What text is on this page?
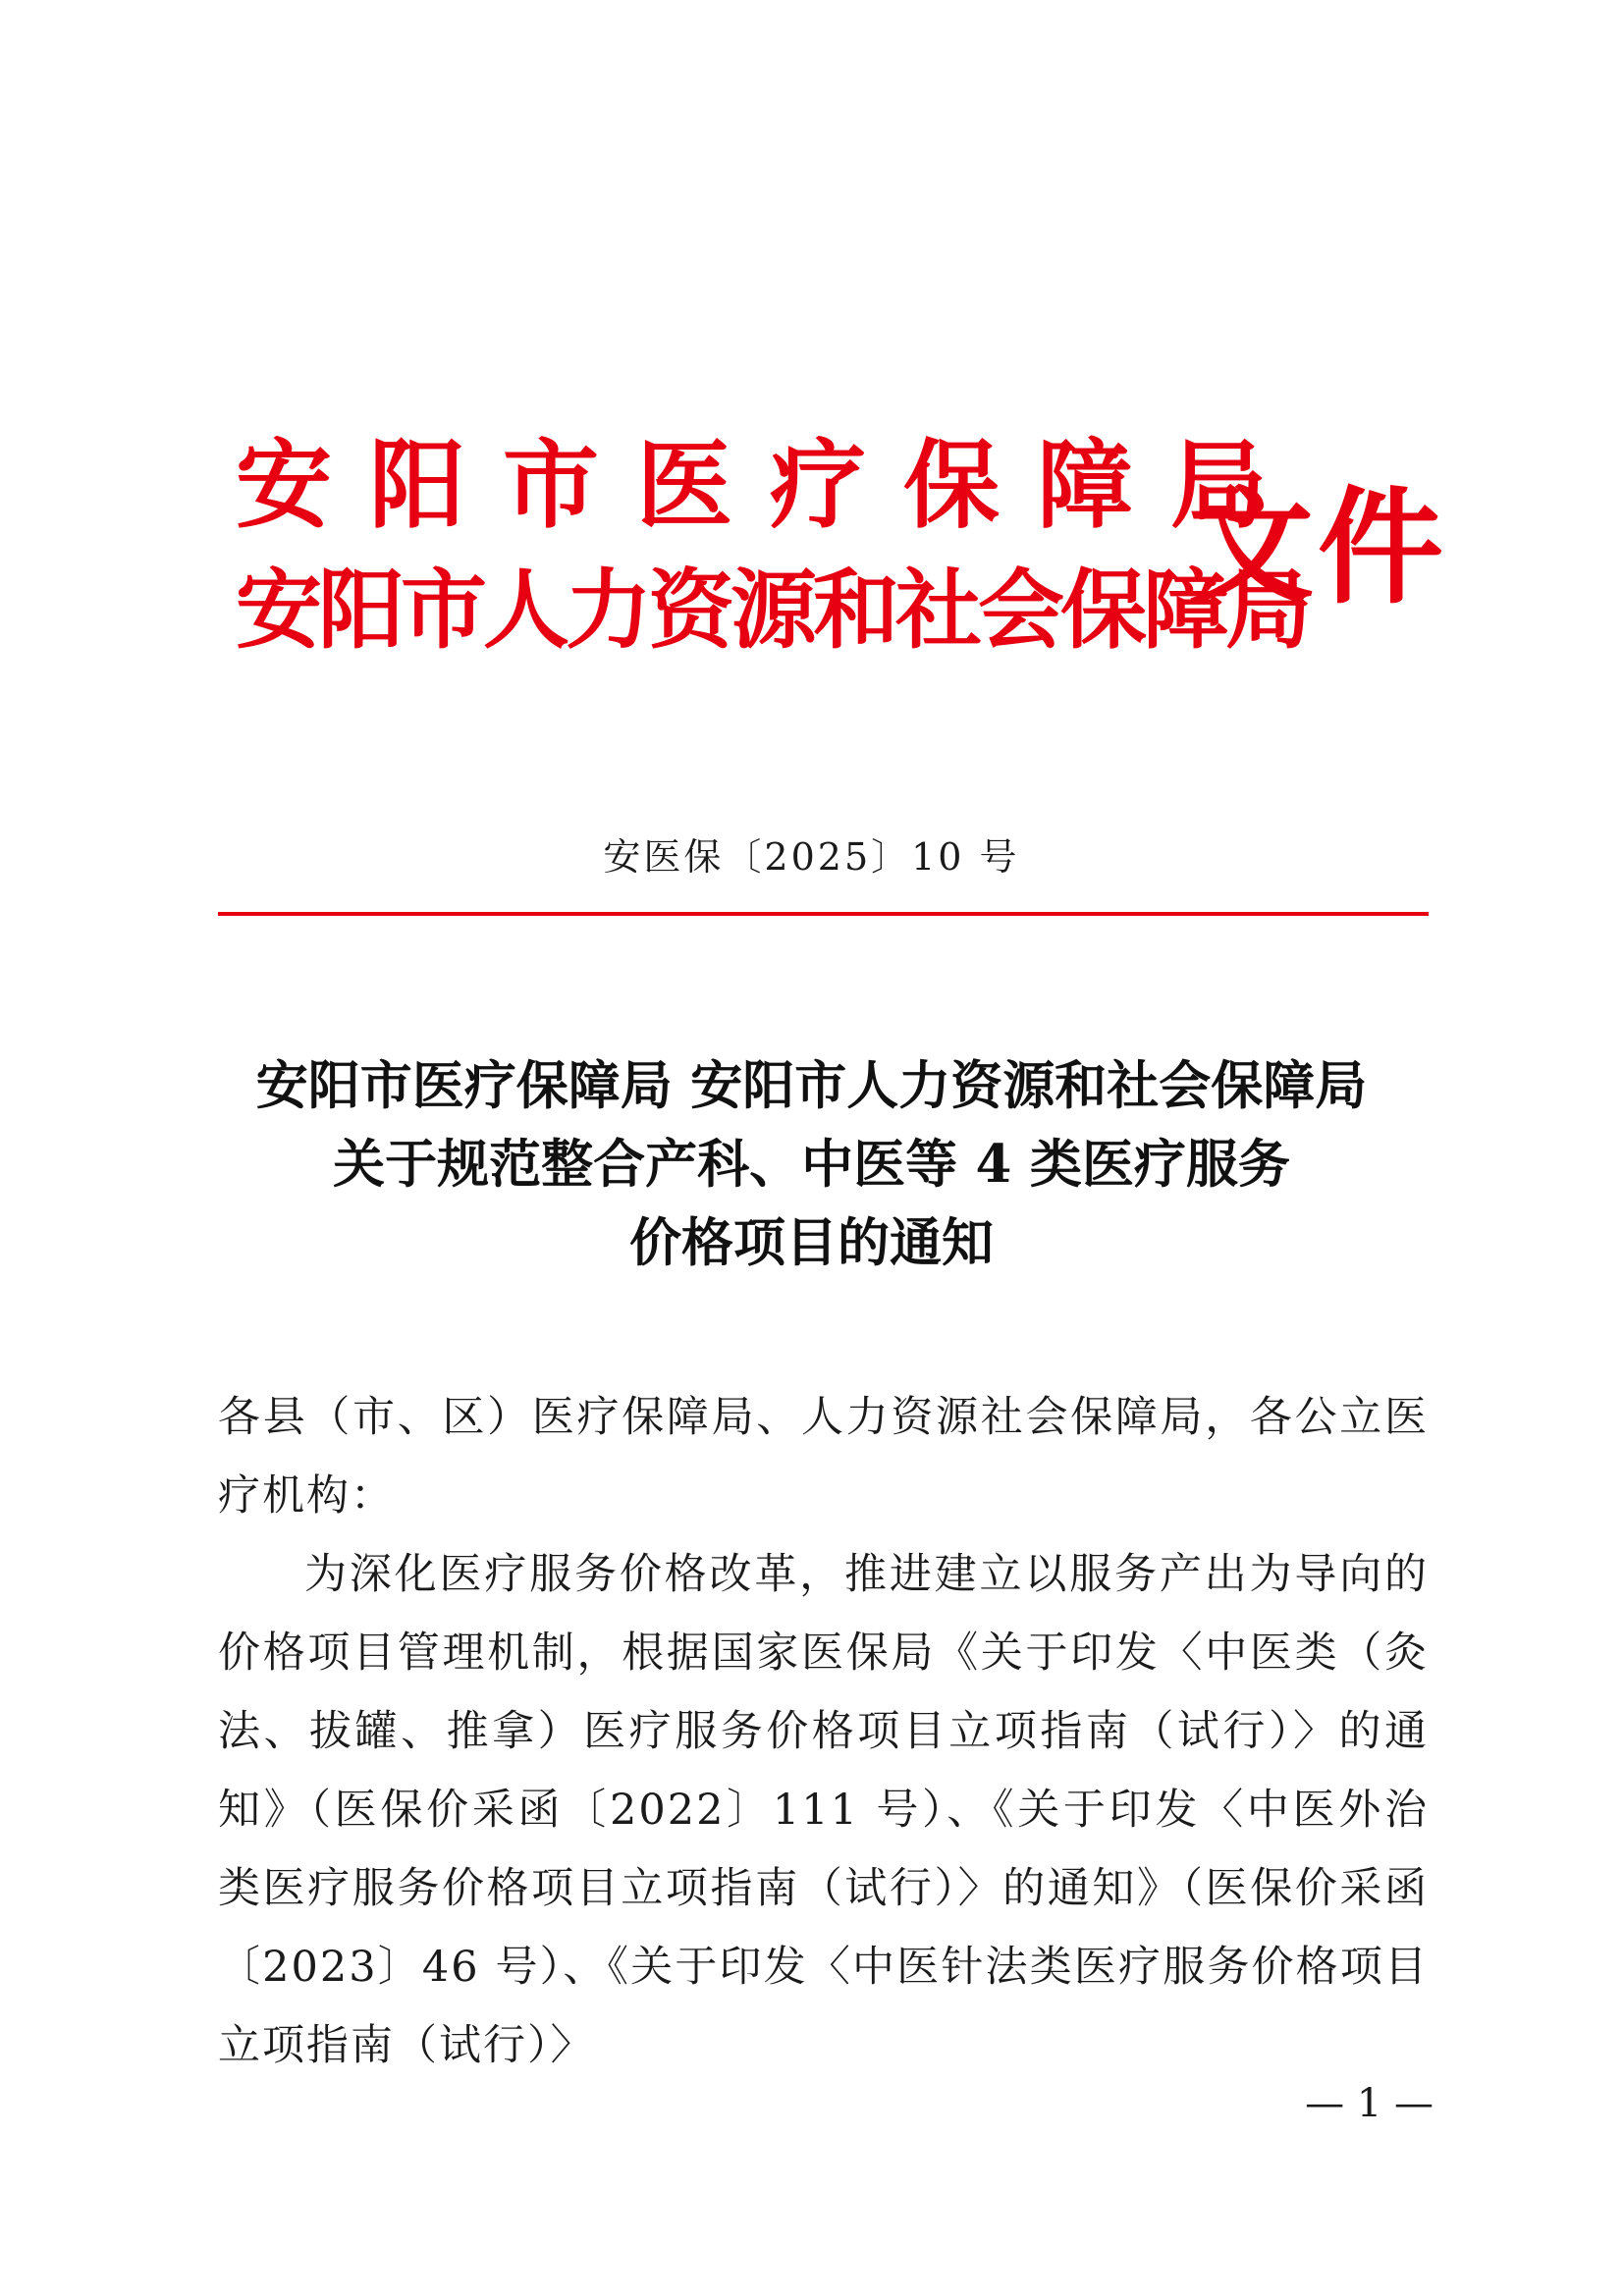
安阳市医疗保障局
安阳市人力资源和社会保障局
文件
安医保〔2025〕10 号
安阳市医疗保障局 安阳市人力资源和社会保障局
关于规范整合产科、中医等 4 类医疗服务
价格项目的通知

各县（市、区）医疗保障局、人力资源社会保障局，各公立医疗机构：

为深化医疗服务价格改革，推进建立以服务产出为导向的价格项目管理机制，根据国家医保局《关于印发〈中医类（灸法、拔罐、推拿）医疗服务价格项目立项指南（试行）〉的通知》（医保价采函〔2022〕111 号）、《关于印发〈中医外治类医疗服务价格项目立项指南（试行）〉的通知》（医保价采函〔2023〕46 号）、《关于印发〈中医针法类医疗服务价格项目立项指南（试行）〉

— 1 —
